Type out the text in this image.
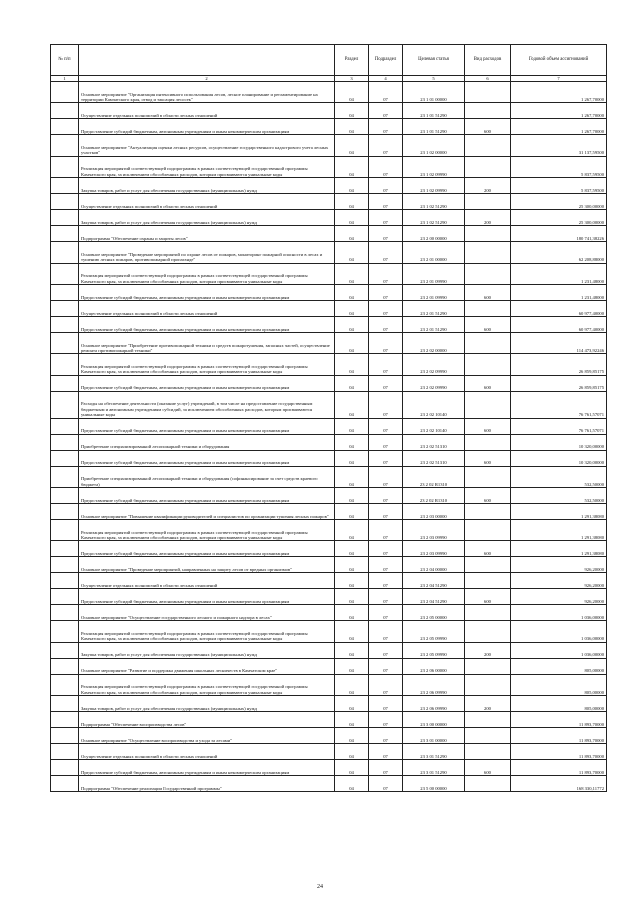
№ п/п		Раздел	Подраздел	Целевая статья	Вид расходов	Годовой объем ассигнований
1	2	3	4	5	6	7
	Основное мероприятие "Организация интенсивного использования лесов, лесное планирование и регламентирование на территории Камчатского края, отвод и таксация лесосек"	04	07	23 1 01 00000		1 267,70000
	Осуществление отдельных полномочий в области лесных отношений	04	07	23 1 01 51290		1 267,70000
	Предоставление субсидий бюджетным, автономным учреждениям и иным некоммерческим организациям	04	07	23 1 01 51290	600	1 267,70000
	Основное мероприятие "Актуализация оценки лесных ресурсов, осуществление государственного кадастрового учета лесных участков"	04	07	23 1 02 00000		31 137,59500
	Реализация мероприятий соответствующей подпрограммы в рамках соответствующей государственной программы Камчатского края, за исключением обособленных расходов, которым присваиваются уникальные коды	04	07	23 1 02 09990		5 837,59500
	Закупка товаров, работ и услуг для обеспечения государственных (муниципальных) нужд	04	07	23 1 02 09990	200	5 837,59500
	Осуществление отдельных полномочий в области лесных отношений	04	07	23 1 02 51290		25 300,00000
	Закупка товаров, работ и услуг для обеспечения государственных (муниципальных) нужд	04	07	23 1 02 51290	200	25 300,00000
	Подпрограмма "Обеспечение охраны и защиты лесов"	04	07	23 2 00 00000		180 741,38226
	Основное мероприятие "Проведение мероприятий по охране лесов от пожаров, мониторинг пожарной опасности в лесах и тушению лесных пожаров, противопожарной пропаганде"	04	07	23 2 01 00000		62 208,88000
	Реализация мероприятий соответствующей подпрограммы в рамках соответствующей государственной программы Камчатского края, за исключением обособленных расходов, которым присваиваются уникальные коды	04	07	23 2 01 09990		1 231,48000
	Предоставление субсидий бюджетным, автономным учреждениям и иным некоммерческим организациям	04	07	23 2 01 09990	600	1 231,48000
	Осуществление отдельных полномочий в области лесных отношений	04	07	23 2 01 51290		60 977,40000
	Предоставление субсидий бюджетным, автономным учреждениям и иным некоммерческим организациям	04	07	23 2 01 51290	600	60 977,40000
	Основное мероприятие "Приобретение противопожарной техники и средств пожаротушения, запасных частей, осуществление ремонта противопожарной техники"	04	07	23 2 02 00000		114 473,92246
	Реализация мероприятий соответствующей подпрограммы в рамках соответствующей государственной программы Камчатского края, за исключением обособленных расходов, которым присваиваются уникальные коды	04	07	23 2 02 09990		26 859,85175
	Предоставление субсидий бюджетным, автономным учреждениям и иным некоммерческим организациям	04	07	23 2 02 09990	600	26 859,85175
	Расходы на обеспечение деятельности (оказание услуг) учреждений, в том числе на предоставление государственным бюджетным и автономным учреждениям субсидий, за исключением обособленных расходов, которым присваиваются уникальные коды	04	07	23 2 02 10140		76 761,57071
	Предоставление субсидий бюджетным, автономным учреждениям и иным некоммерческим организациям	04	07	23 2 02 10140	600	76 761,57071
	Приобретение специализированной лесопожарной техники и оборудования	04	07	23 2 02 51310		10 320,00000
	Предоставление субсидий бюджетным, автономным учреждениям и иным некоммерческим организациям	04	07	23 2 02 51310	600	10 320,00000
	Приобретение специализированной лесопожарной техники и оборудования (софинансирование за счет средств краевого бюджета)	04	07	23 2 02 R1310		532,50000
	Предоставление субсидий бюджетным, автономным учреждениям и иным некоммерческим организациям	04	07	23 2 02 R1310	600	532,50000
	Основное мероприятие "Повышение квалификации руководителей и специалистов по организации тушения лесных пожаров"	04	07	23 2 03 00000		1 291,38080
	Реализация мероприятий соответствующей подпрограммы в рамках соответствующей государственной программы Камчатского края, за исключением обособленных расходов, которым присваиваются уникальные коды	04	07	23 2 03 09990		1 291,38080
	Предоставление субсидий бюджетным, автономным учреждениям и иным некоммерческим организациям	04	07	23 2 03 09990	600	1 291,38080
	Основное мероприятие "Проведение мероприятий, направленных на защиту лесов от вредных организмов"	04	07	23 2 04 00000		926,20000
	Осуществление отдельных полномочий в области лесных отношений	04	07	23 2 04 51290		926,20000
	Предоставление субсидий бюджетным, автономным учреждениям и иным некоммерческим организациям	04	07	23 2 04 51290	600	926,20000
	Основное мероприятие "Осуществление государственного лесного и пожарного надзора в лесах"	04	07	23 2 05 00000		1 036,00000
	Реализация мероприятий соответствующей подпрограммы в рамках соответствующей государственной программы Камчатского края, за исключением обособленных расходов, которым присваиваются уникальные коды	04	07	23 2 05 09990		1 036,00000
	Закупка товаров, работ и услуг для обеспечения государственных (муниципальных) нужд	04	07	23 2 05 09990	200	1 036,00000
	Основное мероприятие "Развитие и поддержка движения школьных лесничеств в Камчатском крае"	04	07	23 2 06 00000		805,00000
	Реализация мероприятий соответствующей подпрограммы в рамках соответствующей государственной программы Камчатского края, за исключением обособленных расходов, которым присваиваются уникальные коды	04	07	23 2 06 09990		805,00000
	Закупка товаров, работ и услуг для обеспечения государственных (муниципальных) нужд	04	07	23 2 06 09990	200	805,00000
	Подпрограмма "Обеспечение воспроизводства лесов"	04	07	23 3 00 00000		11 893,70000
	Основное мероприятие "Осуществление воспроизводства и ухода за лесами"	04	07	23 3 01 00000		11 893,70000
	Осуществление отдельных полномочий в области лесных отношений	04	07	23 3 01 51290		11 893,70000
	Предоставление субсидий бюджетным, автономным учреждениям и иным некоммерческим организациям	04	07	23 3 01 51290	600	11 893,70000
	Подпрограмма "Обеспечение реализации Государственной программы"	04	07	23 5 00 00000		168 330,11772
24
